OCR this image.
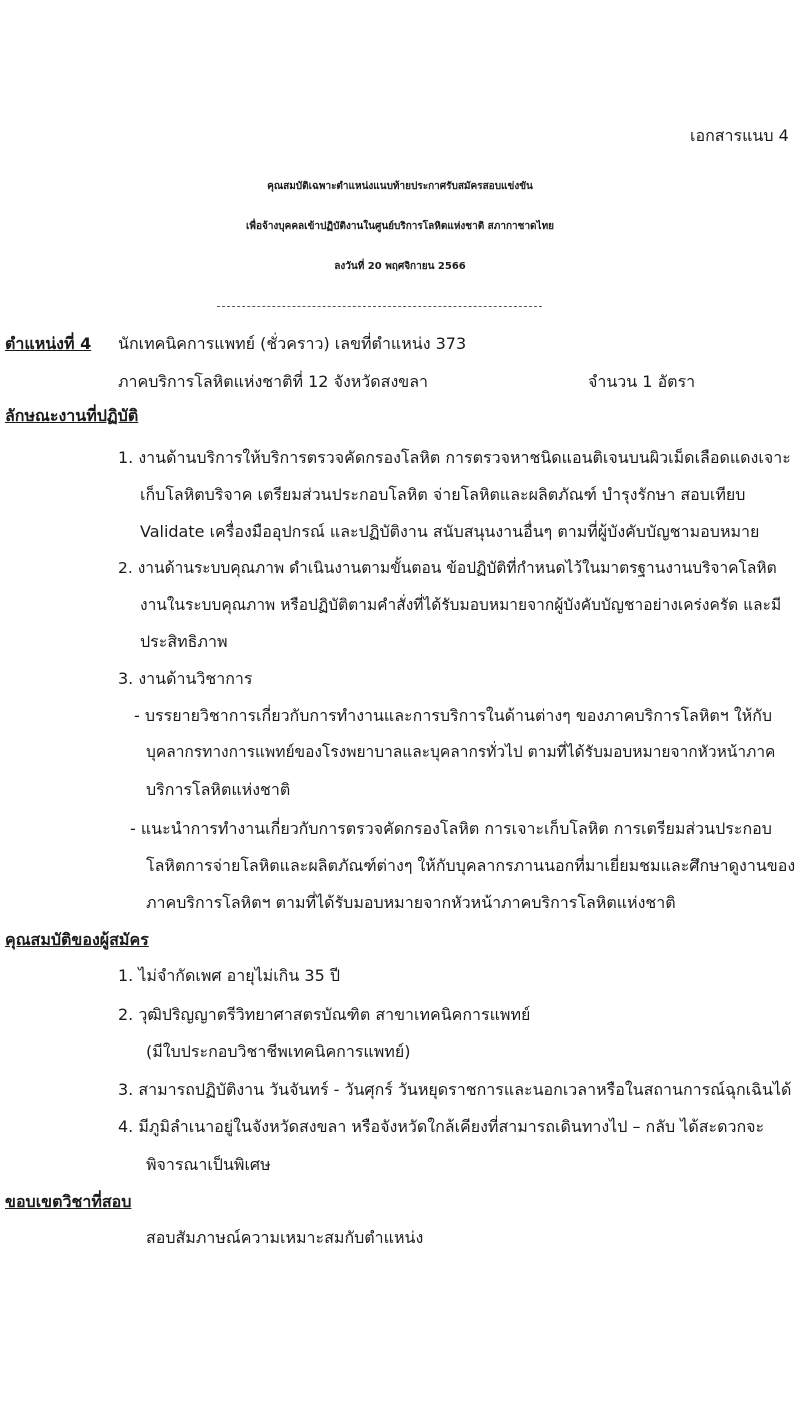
เอกสารแนบ 4
คุณสมบัติเฉพาะตำแหน่งแนบท้ายประกาศรับสมัครสอบแข่งขัน
เพื่อจ้างบุคคลเข้าปฏิบัติงานในศูนย์บริการโลหิตแห่งชาติ สภากาชาดไทย
ลงวันที่ 20 พฤศจิกายน 2566
ตำแหน่งที่ 4 นักเทคนิคการแพทย์ (ชั่วคราว) เลขที่ตำแหน่ง 373
ภาคบริการโลหิตแห่งชาติที่ 12 จังหวัดสงขลา	จำนวน 1 อัตรา
ลักษณะงานที่ปฏิบัติ
1. งานด้านบริการให้บริการตรวจคัดกรองโลหิต การตรวจหาชนิดแอนติเจนบนผิวเม็ดเลือดแดงเจาะ
เก็บโลหิตบริจาค เตรียมส่วนประกอบโลหิต จ่ายโลหิตและผลิตภัณฑ์ บำรุงรักษา สอบเทียบ
Validate เครื่องมืออุปกรณ์ และปฏิบัติงาน สนับสนุนงานอื่นๆ ตามที่ผู้บังคับบัญชามอบหมาย
2. งานด้านระบบคุณภาพ ดำเนินงานตามขั้นตอน ข้อปฏิบัติที่กำหนดไว้ในมาตรฐานงานบริจาคโลหิต
งานในระบบคุณภาพ หรือปฏิบัติตามคำสั่งที่ได้รับมอบหมายจากผู้บังคับบัญชาอย่างเคร่งครัด และมี
ประสิทธิภาพ
3. งานด้านวิชาการ
- บรรยายวิชาการเกี่ยวกับการทำงานและการบริการในด้านต่างๆ ของภาคบริการโลหิตฯ ให้กับ
บุคลากรทางการแพทย์ของโรงพยาบาลและบุคลากรทั่วไป ตามที่ได้รับมอบหมายจากหัวหน้าภาค
บริการโลหิตแห่งชาติ
- แนะนำการทำงานเกี่ยวกับการตรวจคัดกรองโลหิต การเจาะเก็บโลหิต การเตรียมส่วนประกอบ
โลหิตการจ่ายโลหิตและผลิตภัณฑ์ต่างๆ ให้กับบุคลากรภานนอกที่มาเยี่ยมชมและศึกษาดูงานของ
ภาคบริการโลหิตฯ ตามที่ได้รับมอบหมายจากหัวหน้าภาคบริการโลหิตแห่งชาติ
คุณสมบัติของผู้สมัคร
1. ไม่จำกัดเพศ อายุไม่เกิน 35 ปี
2. วุฒิปริญญาตรีวิทยาศาสตรบัณฑิต สาขาเทคนิคการแพทย์
(มีใบประกอบวิชาชีพเทคนิคการแพทย์)
3. สามารถปฏิบัติงาน วันจันทร์ - วันศุกร์ วันหยุดราชการและนอกเวลาหรือในสถานการณ์ฉุกเฉินได้
4. มีภูมิลำเนาอยู่ในจังหวัดสงขลา หรือจังหวัดใกล้เคียงที่สามารถเดินทางไป – กลับ ได้สะดวกจะ
พิจารณาเป็นพิเศษ
ขอบเขตวิชาที่สอบ
สอบสัมภาษณ์ความเหมาะสมกับตำแหน่ง
